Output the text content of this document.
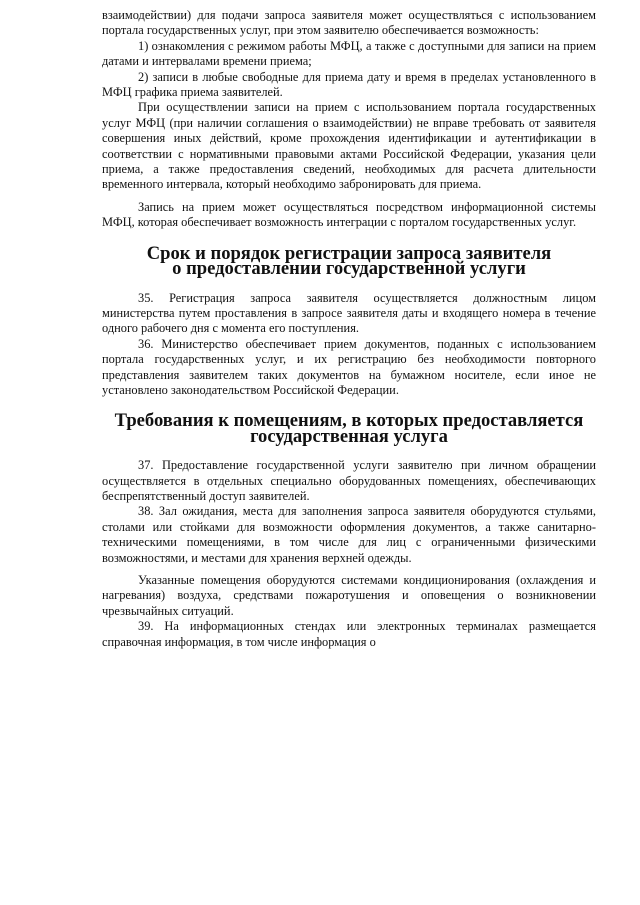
взаимодействии) для подачи запроса заявителя может осуществляться с использованием портала государственных услуг, при этом заявителю обеспечивается возможность:

1) ознакомления с режимом работы МФЦ, а также с доступными для записи на прием датами и интервалами времени приема;

2) записи в любые свободные для приема дату и время в пределах установленного в МФЦ графика приема заявителей.

При осуществлении записи на прием с использованием портала государственных услуг МФЦ (при наличии соглашения о взаимодействии) не вправе требовать от заявителя совершения иных действий, кроме прохождения идентификации и аутентификации в соответствии с нормативными правовыми актами Российской Федерации, указания цели приема, а также предоставления сведений, необходимых для расчета длительности временного интервала, который необходимо забронировать для приема.

Запись на прием может осуществляться посредством информационной системы МФЦ, которая обеспечивает возможность интеграции с порталом государственных услуг.

Срок и порядок регистрации запроса заявителя
о предоставлении государственной услуги

35. Регистрация запроса заявителя осуществляется должностным лицом министерства путем проставления в запросе заявителя даты и входящего номера в течение одного рабочего дня с момента его поступления.

36. Министерство обеспечивает прием документов, поданных с использованием портала государственных услуг, и их регистрацию без необходимости повторного представления заявителем таких документов на бумажном носителе, если иное не установлено законодательством Российской Федерации.

Требования к помещениям, в которых предоставляется
государственная услуга

37. Предоставление государственной услуги заявителю при личном обращении осуществляется в отдельных специально оборудованных помещениях, обеспечивающих беспрепятственный доступ заявителей.

38. Зал ожидания, места для заполнения запроса заявителя оборудуются стульями, столами или стойками для возможности оформления документов, а также санитарно-техническими помещениями, в том числе для лиц с ограниченными физическими возможностями, и местами для хранения верхней одежды.

Указанные помещения оборудуются системами кондиционирования (охлаждения и нагревания) воздуха, средствами пожаротушения и оповещения о возникновении чрезвычайных ситуаций.

39. На информационных стендах или электронных терминалах размещается справочная информация, в том числе информация о
